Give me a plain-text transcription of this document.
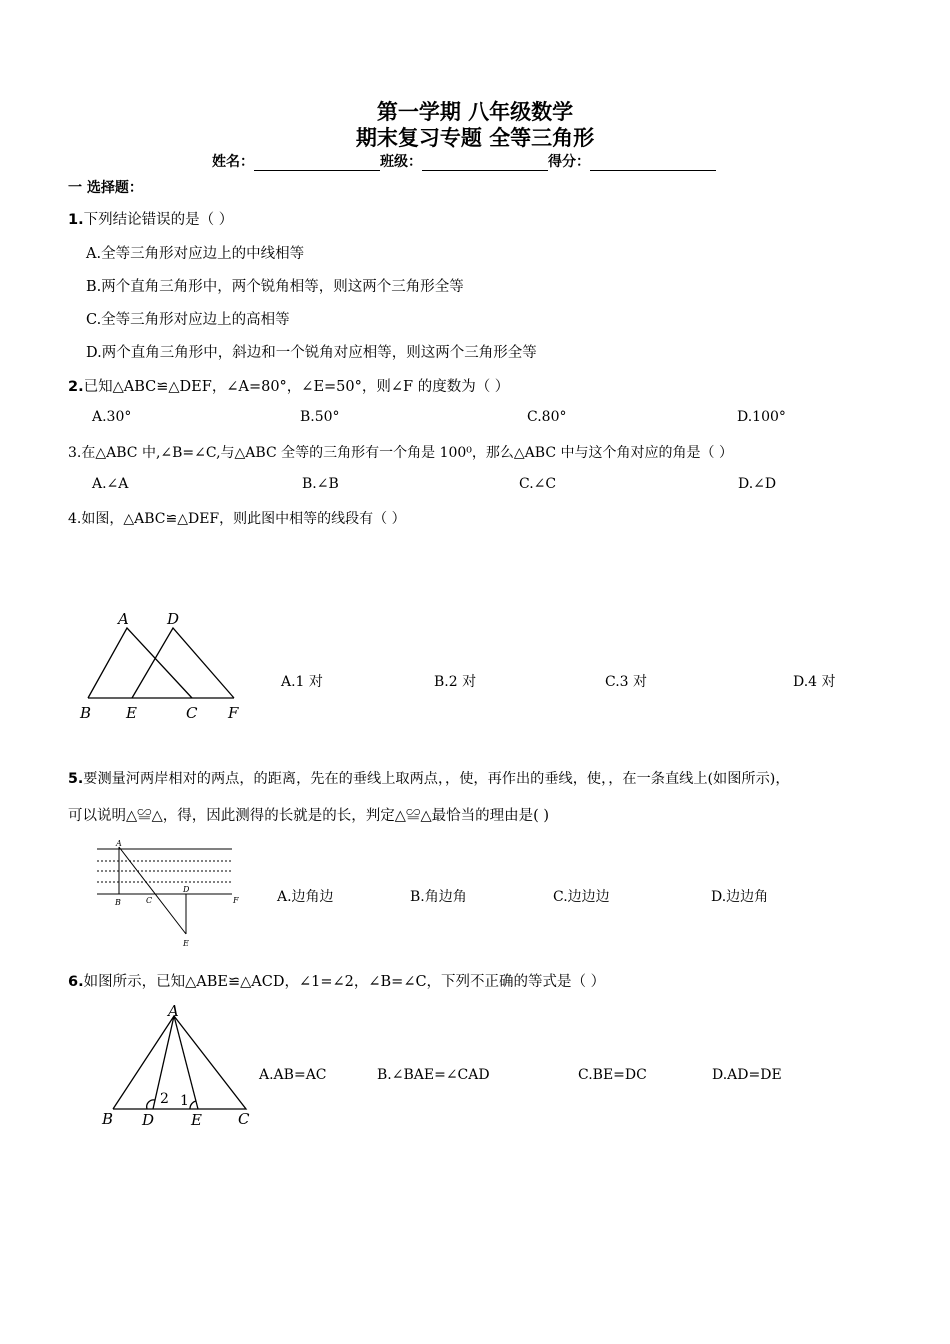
第一学期 八年级数学
期末复习专题 全等三角形
姓名：	班级：	得分：
一 选择题：
1.下列结论错误的是（ ）
A.全等三角形对应边上的中线相等
B.两个直角三角形中，两个锐角相等，则这两个三角形全等
C.全等三角形对应边上的高相等
D.两个直角三角形中，斜边和一个锐角对应相等，则这两个三角形全等
2.已知△ABC≌△DEF，∠A=80°，∠E=50°，则∠F 的度数为（ ）
A.30°	B.50°	C.80°	D.100°
3.在△ABC 中,∠B=∠C,与△ABC 全等的三角形有一个角是 100⁰，那么△ABC 中与这个角对应的角是（ ）
A.∠A	B.∠B	C.∠C	D.∠D
4.如图，△ABC≌△DEF，则此图中相等的线段有（ ）
A	D
B E	C F
A.1 对	B.2 对	C.3 对	D.4 对
5.要测量河两岸相对的两点，的距离，先在的垂线上取两点，，使，再作出的垂线，使，，在一条直线上(如图所示)，
可以说明△≌△，得，因此测得的长就是的长，判定△≌△最恰当的理由是( )
A
B	C
D
F
E
A.边角边	B.角边角	C.边边边	D.边边角
6.如图所示，已知△ABE≌△ACD，∠1=∠2，∠B=∠C，下列不正确的等式是（ ）
A
B D E C
2 1
A.AB=AC	B.∠BAE=∠CAD	C.BE=DC	D.AD=DE
